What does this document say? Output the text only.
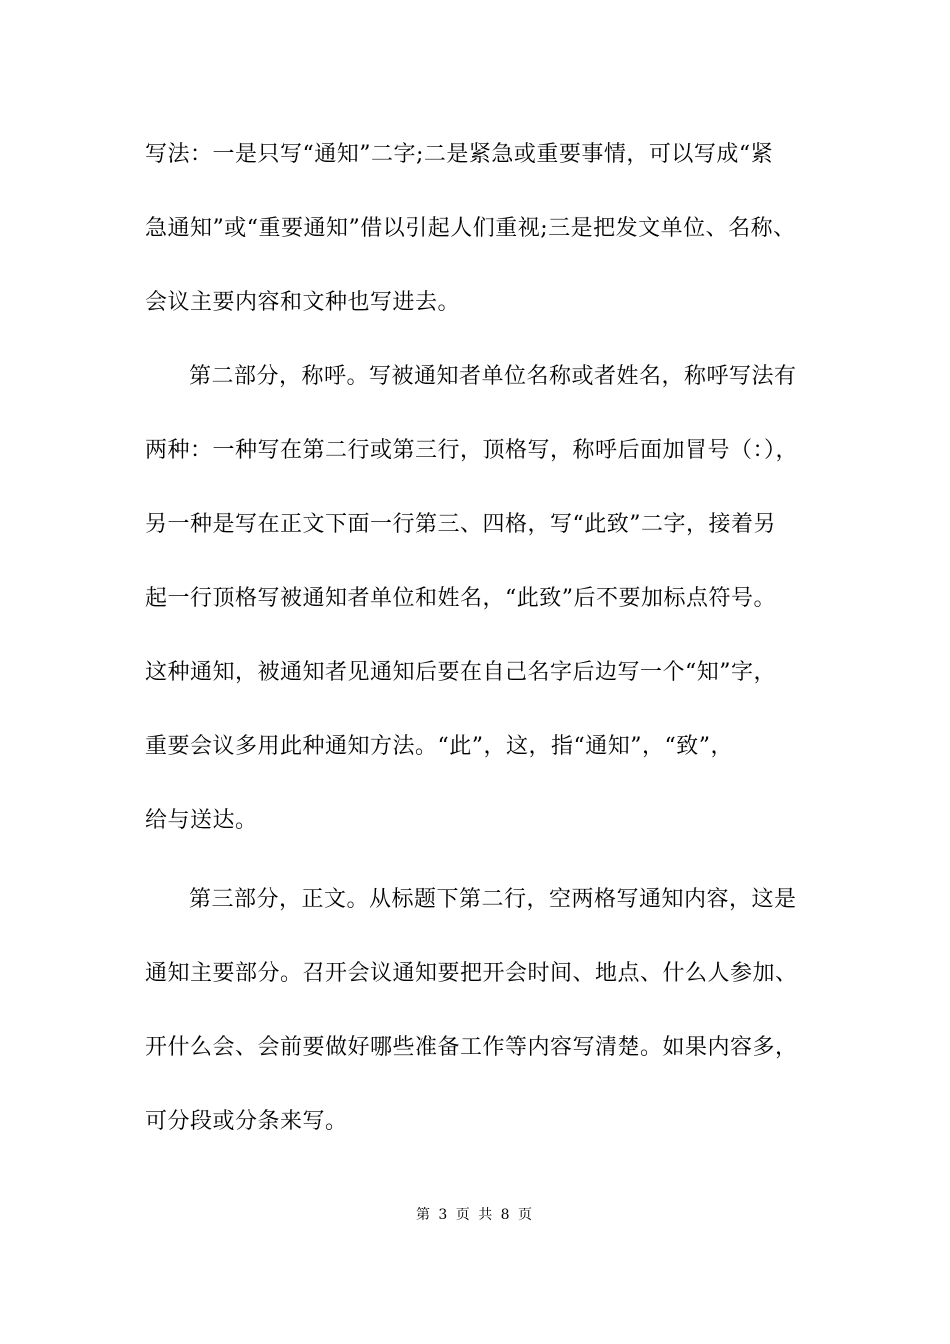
写法：一是只写“通知”二字;二是紧急或重要事情，可以写成“紧
急通知”或“重要通知”借以引起人们重视;三是把发文单位、名称、
会议主要内容和文种也写进去。
第二部分，称呼。写被通知者单位名称或者姓名，称呼写法有
两种：一种写在第二行或第三行，顶格写，称呼后面加冒号（：），
另一种是写在正文下面一行第三、四格，写“此致”二字，接着另
起一行顶格写被通知者单位和姓名，“此致”后不要加标点符号。
这种通知，被通知者见通知后要在自己名字后边写一个“知”字，
重要会议多用此种通知方法。“此”，这，指“通知”，“致”，
给与送达。
第三部分，正文。从标题下第二行，空两格写通知内容，这是
通知主要部分。召开会议通知要把开会时间、地点、什么人参加、
开什么会、会前要做好哪些准备工作等内容写清楚。如果内容多，
可分段或分条来写。
第 3 页 共 8 页
